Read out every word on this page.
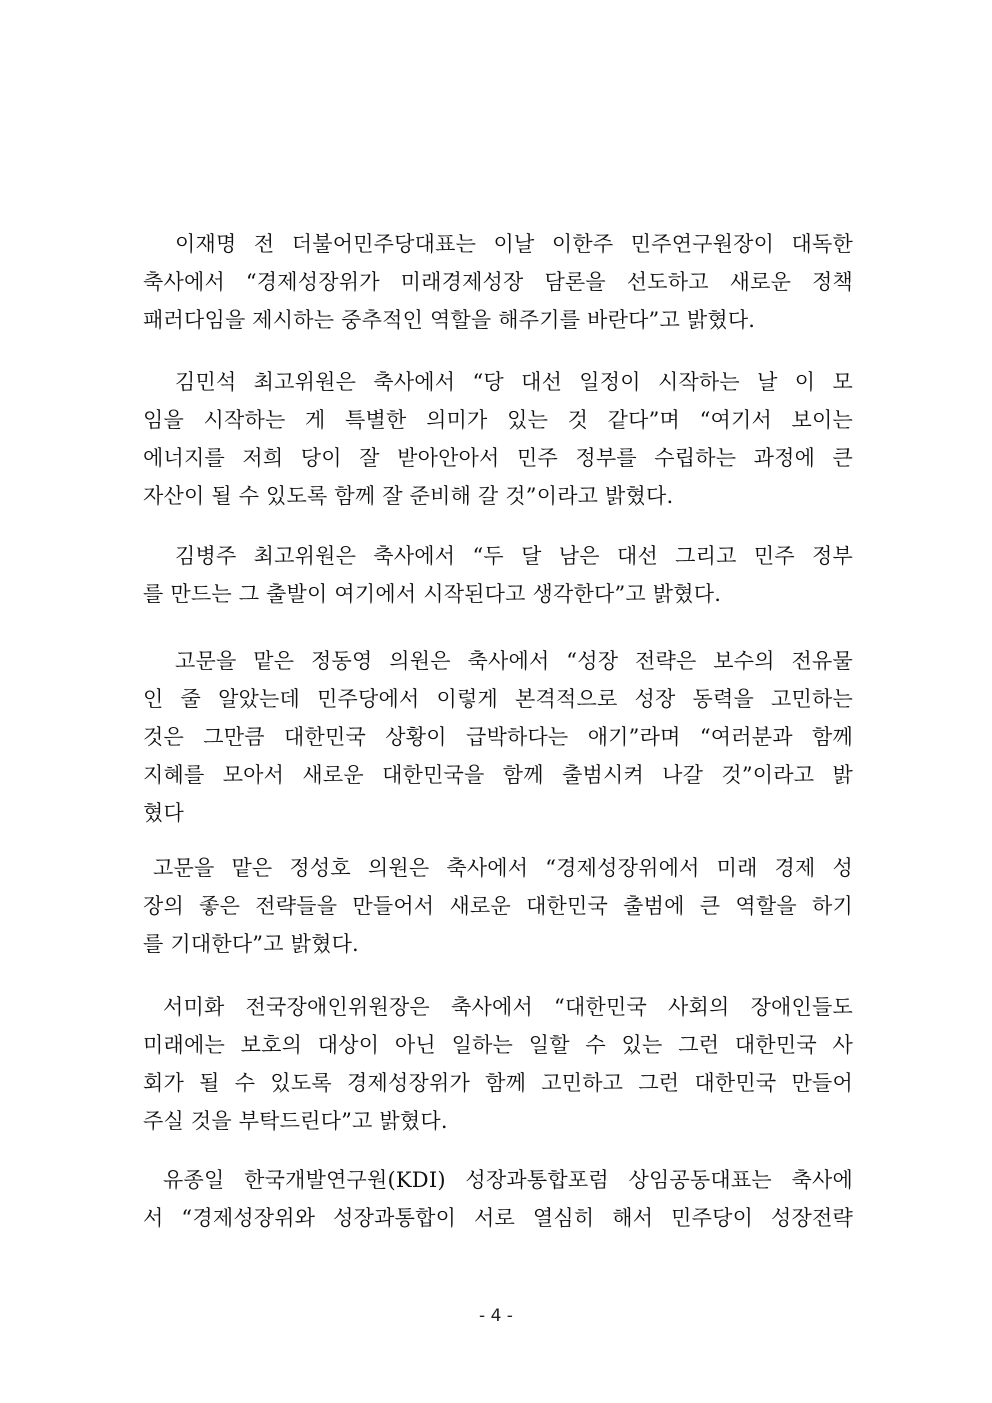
이재명 전 더불어민주당대표는 이날 이한주 민주연구원장이 대독한
축사에서 “경제성장위가 미래경제성장 담론을 선도하고 새로운 정책
패러다임을 제시하는 중추적인 역할을 해주기를 바란다”고 밝혔다.

김민석 최고위원은 축사에서 “당 대선 일정이 시작하는 날 이 모
임을 시작하는 게 특별한 의미가 있는 것 같다”며 “여기서 보이는
에너지를 저희 당이 잘 받아안아서 민주 정부를 수립하는 과정에 큰
자산이 될 수 있도록 함께 잘 준비해 갈 것”이라고 밝혔다.

김병주 최고위원은 축사에서 “두 달 남은 대선 그리고 민주 정부
를 만드는 그 출발이 여기에서 시작된다고 생각한다”고 밝혔다.

고문을 맡은 정동영 의원은 축사에서 “성장 전략은 보수의 전유물
인 줄 알았는데 민주당에서 이렇게 본격적으로 성장 동력을 고민하는
것은 그만큼 대한민국 상황이 급박하다는 애기”라며 “여러분과 함께
지혜를 모아서 새로운 대한민국을 함께 출범시켜 나갈 것”이라고 밝
혔다

고문을 맡은 정성호 의원은 축사에서 “경제성장위에서 미래 경제 성
장의 좋은 전략들을 만들어서 새로운 대한민국 출범에 큰 역할을 하기
를 기대한다”고 밝혔다.

서미화 전국장애인위원장은 축사에서 “대한민국 사회의 장애인들도
미래에는 보호의 대상이 아닌 일하는 일할 수 있는 그런 대한민국 사
회가 될 수 있도록 경제성장위가 함께 고민하고 그런 대한민국 만들어
주실 것을 부탁드린다”고 밝혔다.

유종일 한국개발연구원(KDI) 성장과통합포럼 상임공동대표는 축사에
서 “경제성장위와 성장과통합이 서로 열심히 해서 민주당이 성장전략

- 4 -
